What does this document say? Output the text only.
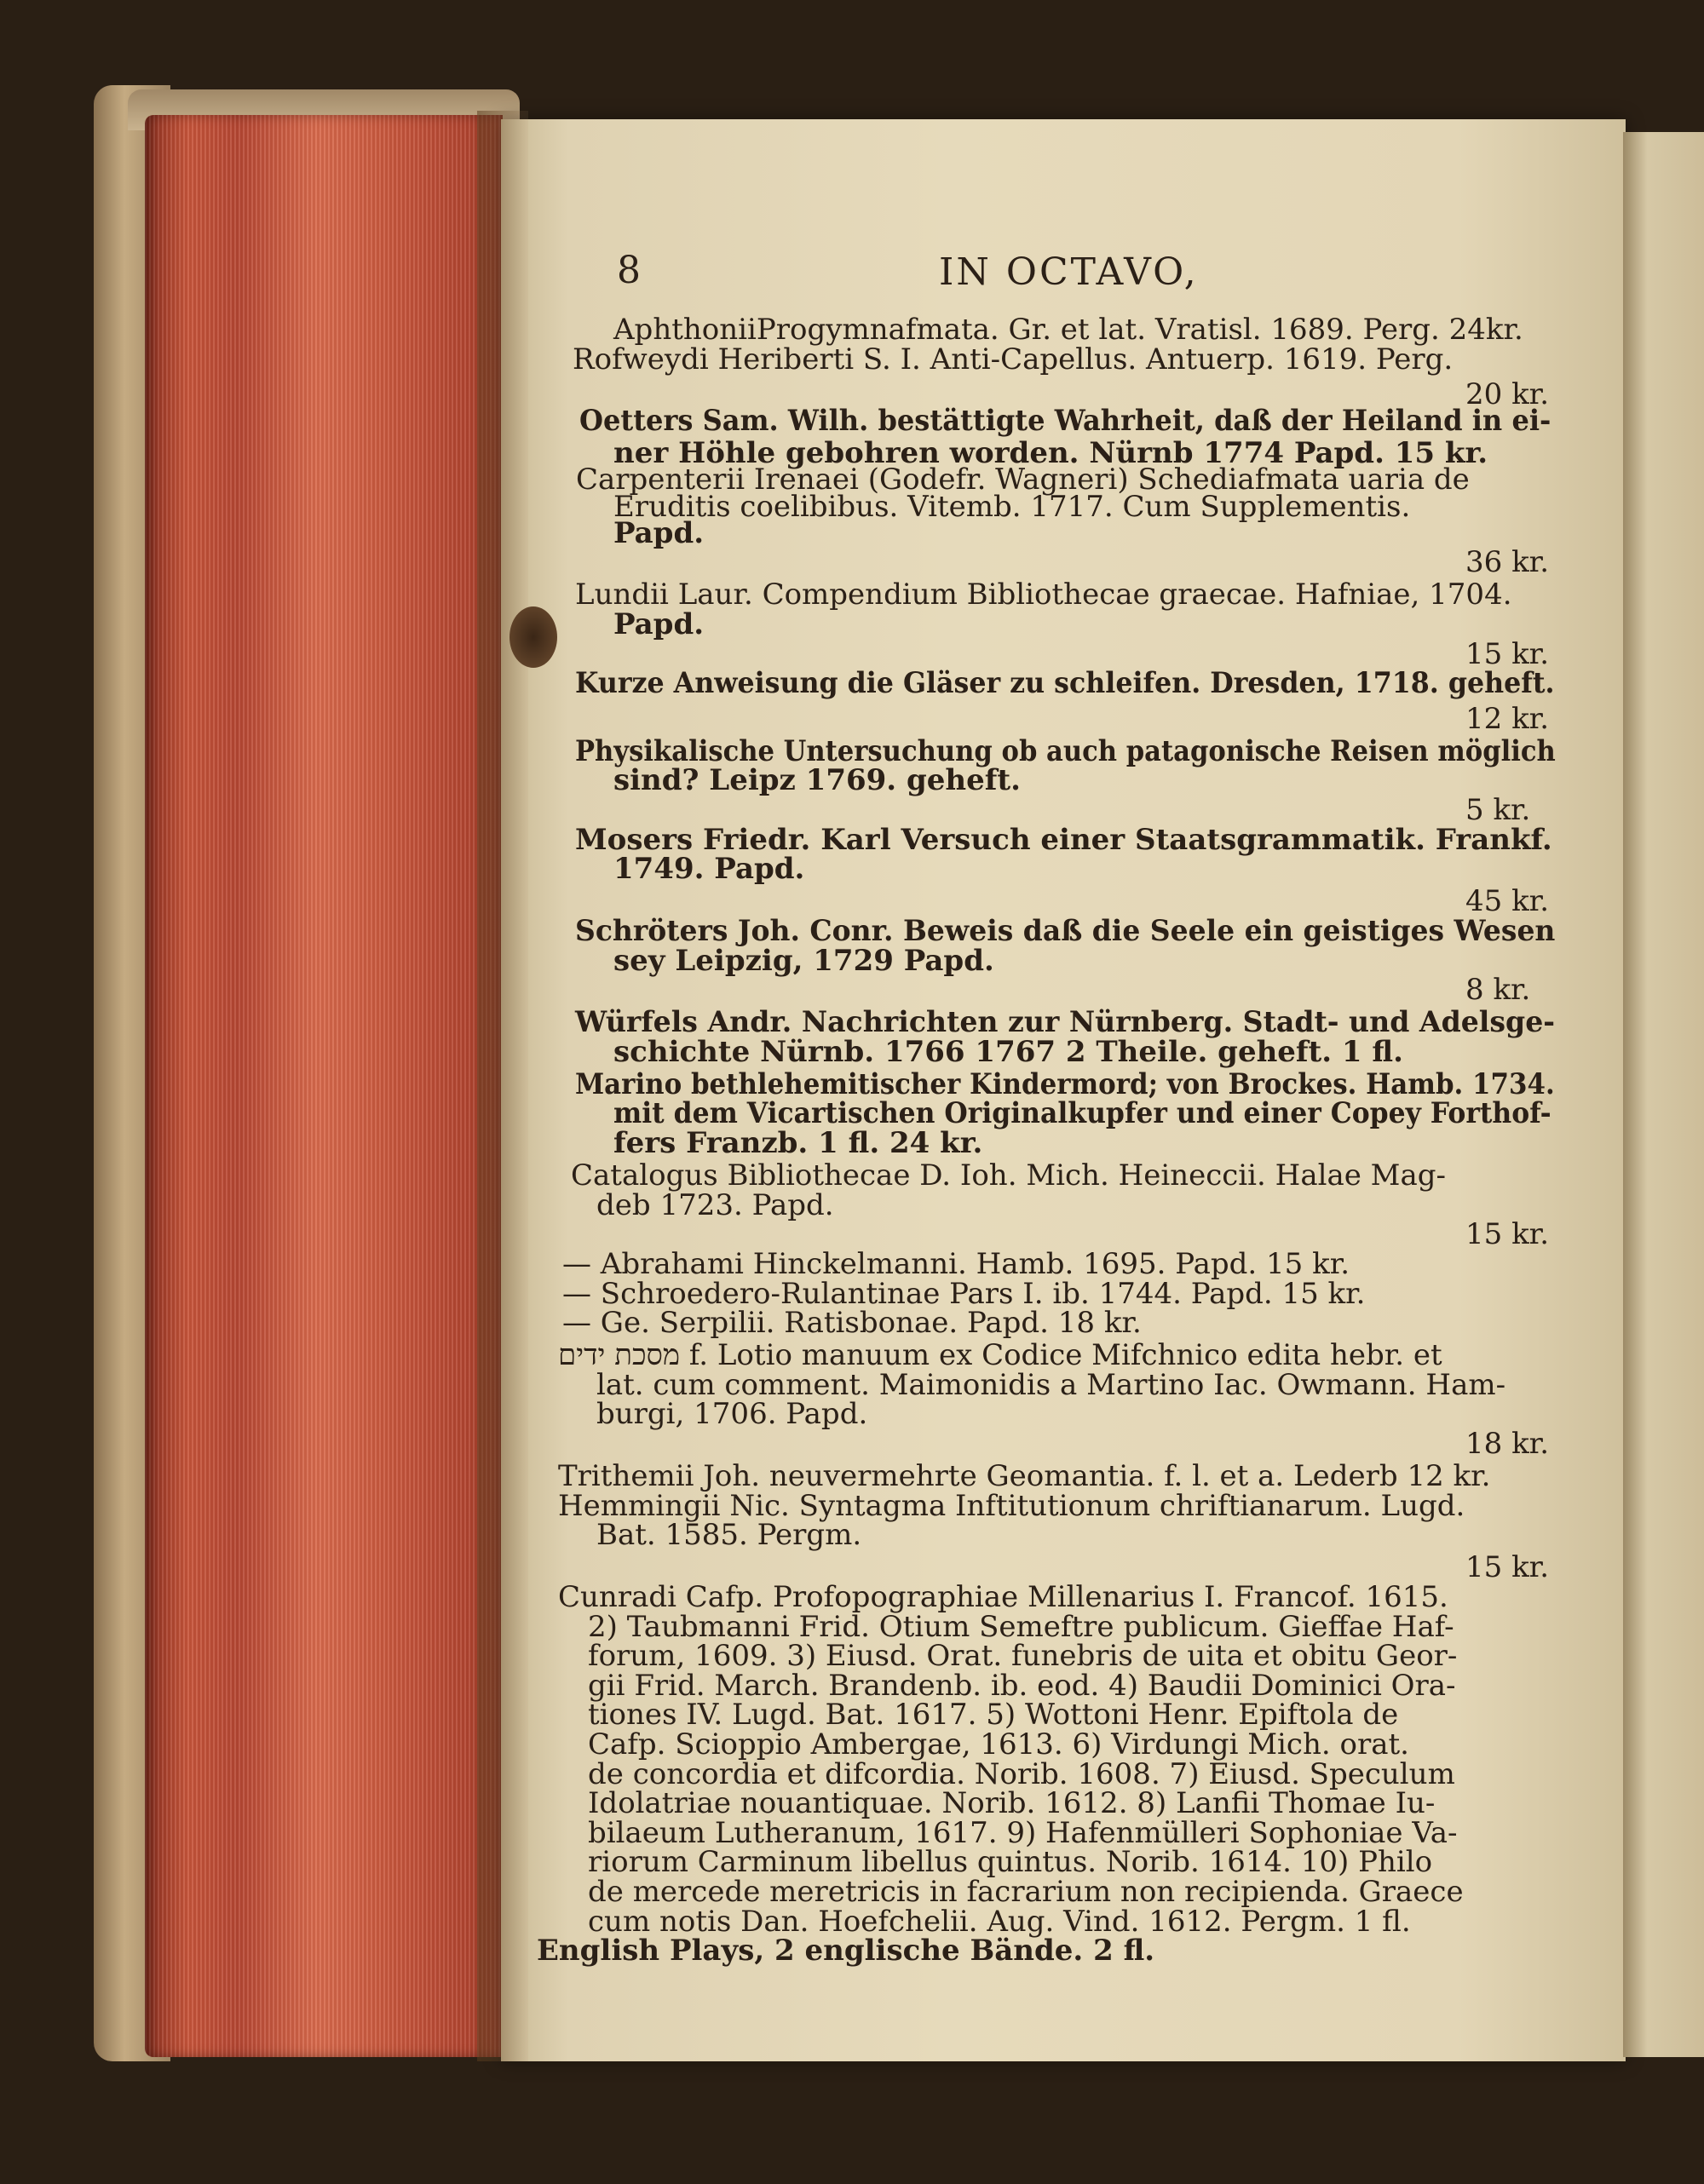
8	IN OCTAVO,
AphthoniiProgymnafmata. Gr. et lat. Vratisl. 1689. Perg. 24kr.
Rofweydi Heriberti S. I. Anti-Capellus. Antuerp. 1619. Perg.
20 kr.
Oetters Sam. Wilh. bestättigte Wahrheit, daß der Heiland in ei-
ner Höhle gebohren worden. Nürnb 1774 Papd. 15 kr.
Carpenterii Irenaei (Godefr. Wagneri) Schediafmata uaria de
Eruditis coelibibus. Vitemb. 1717. Cum Supplementis.
Papd.
36 kr.
Lundii Laur. Compendium Bibliothecae graecae. Hafniae, 1704.
Papd.
15 kr.
Kurze Anweisung die Gläser zu schleifen. Dresden, 1718. geheft.
12 kr.
Physikalische Untersuchung ob auch patagonische Reisen möglich
sind? Leipz 1769. geheft.
5 kr.
Mosers Friedr. Karl Versuch einer Staatsgrammatik. Frankf.
1749. Papd.
45 kr.
Schröters Joh. Conr. Beweis daß die Seele ein geistiges Wesen
sey Leipzig, 1729 Papd.
8 kr.
Würfels Andr. Nachrichten zur Nürnberg. Stadt- und Adelsge-
schichte Nürnb. 1766 1767 2 Theile. geheft. 1 fl.
Marino bethlehemitischer Kindermord; von Brockes. Hamb. 1734.
mit dem Vicartischen Originalkupfer und einer Copey Forthof-
fers Franzb. 1 fl. 24 kr.
Catalogus Bibliothecae D. Ioh. Mich. Heineccii. Halae Mag-
deb 1723. Papd.
15 kr.
— Abrahami Hinckelmanni. Hamb. 1695. Papd. 15 kr.
— Schroedero-Rulantinae Pars I. ib. 1744. Papd. 15 kr.
— Ge. Serpilii. Ratisbonae. Papd. 18 kr.
מסכת ידים f. Lotio manuum ex Codice Mifchnico edita hebr. et
lat. cum comment. Maimonidis a Martino Iac. Owmann. Ham-
burgi, 1706. Papd.
18 kr.
Trithemii Joh. neuvermehrte Geomantia. f. l. et a. Lederb 12 kr.
Hemmingii Nic. Syntagma Inftitutionum chriftianarum. Lugd.
Bat. 1585. Pergm.
15 kr.
Cunradi Cafp. Profopographiae Millenarius I. Francof. 1615.
2) Taubmanni Frid. Otium Semeftre publicum. Gieffae Haf-
forum, 1609. 3) Eiusd. Orat. funebris de uita et obitu Geor-
gii Frid. March. Brandenb. ib. eod. 4) Baudii Dominici Ora-
tiones IV. Lugd. Bat. 1617. 5) Wottoni Henr. Epiftola de
Cafp. Scioppio Ambergae, 1613. 6) Virdungi Mich. orat.
de concordia et difcordia. Norib. 1608. 7) Eiusd. Speculum
Idolatriae nouantiquae. Norib. 1612. 8) Lanfii Thomae Iu-
bilaeum Lutheranum, 1617. 9) Hafenmülleri Sophoniae Va-
riorum Carminum libellus quintus. Norib. 1614. 10) Philo
de mercede meretricis in facrarium non recipienda. Graece
cum notis Dan. Hoefchelii. Aug. Vind. 1612. Pergm. 1 fl.
English Plays, 2 englische Bände. 2 fl.
